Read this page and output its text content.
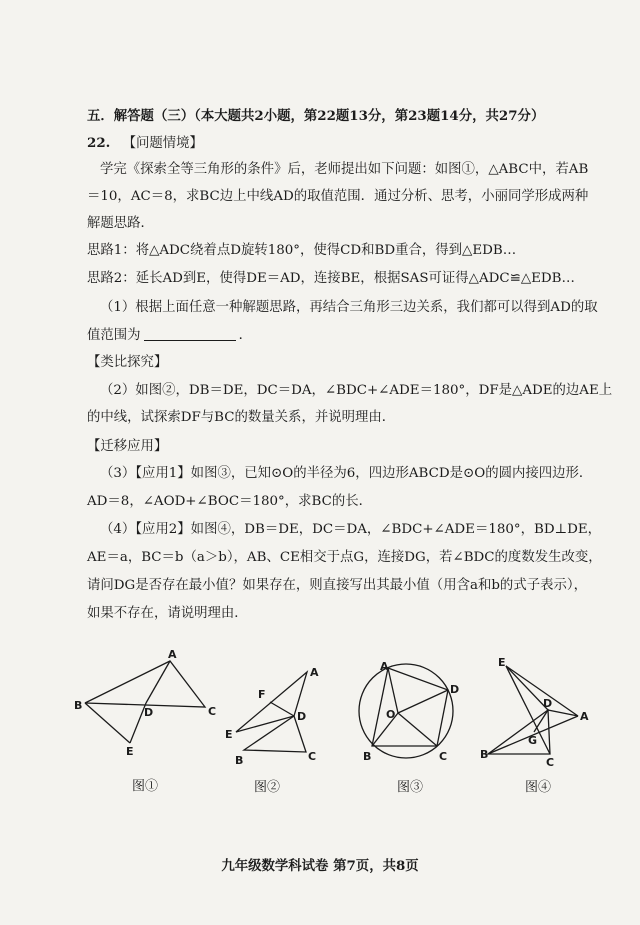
五．解答题（三）（本大题共2小题，第22题13分，第23题14分，共27分）
22. 【问题情境】
学完《探索全等三角形的条件》后，老师提出如下问题：如图①，△ABC中，若AB
＝10，AC＝8，求BC边上中线AD的取值范围．通过分析、思考，小丽同学形成两种
解题思路．
思路1：将△ADC绕着点D旋转180°，使得CD和BD重合，得到△EDB…
思路2：延长AD到E，使得DE＝AD，连接BE，根据SAS可证得△ADC≌△EDB…
（1）根据上面任意一种解题思路，再结合三角形三边关系，我们都可以得到AD的取
值范围为	．
【类比探究】
（2）如图②，DB＝DE，DC＝DA，∠BDC+∠ADE＝180°，DF是△ADE的边AE上
的中线，试探索DF与BC的数量关系，并说明理由．
【迁移应用】
（3）【应用1】如图③，已知⊙O的半径为6，四边形ABCD是⊙O的圆内接四边形．
AD＝8，∠AOD+∠BOC＝180°，求BC的长．
（4）【应用2】如图④，DB＝DE，DC＝DA，∠BDC+∠ADE＝180°，BD⊥DE，
AE＝a，BC＝b（a＞b），AB、CE相交于点G，连接DG，若∠BDC的度数发生改变，
请问DG是否存在最小值？如果存在，则直接写出其最小值（用含a和b的式子表示），
如果不存在，请说明理由．
A
B	C
D
E
图①
A
B	C
D
E
F
图②
A
B	C
D
O
图③
E
B
C
D
A
G
图④
九年级数学科试卷 第7页，共8页
